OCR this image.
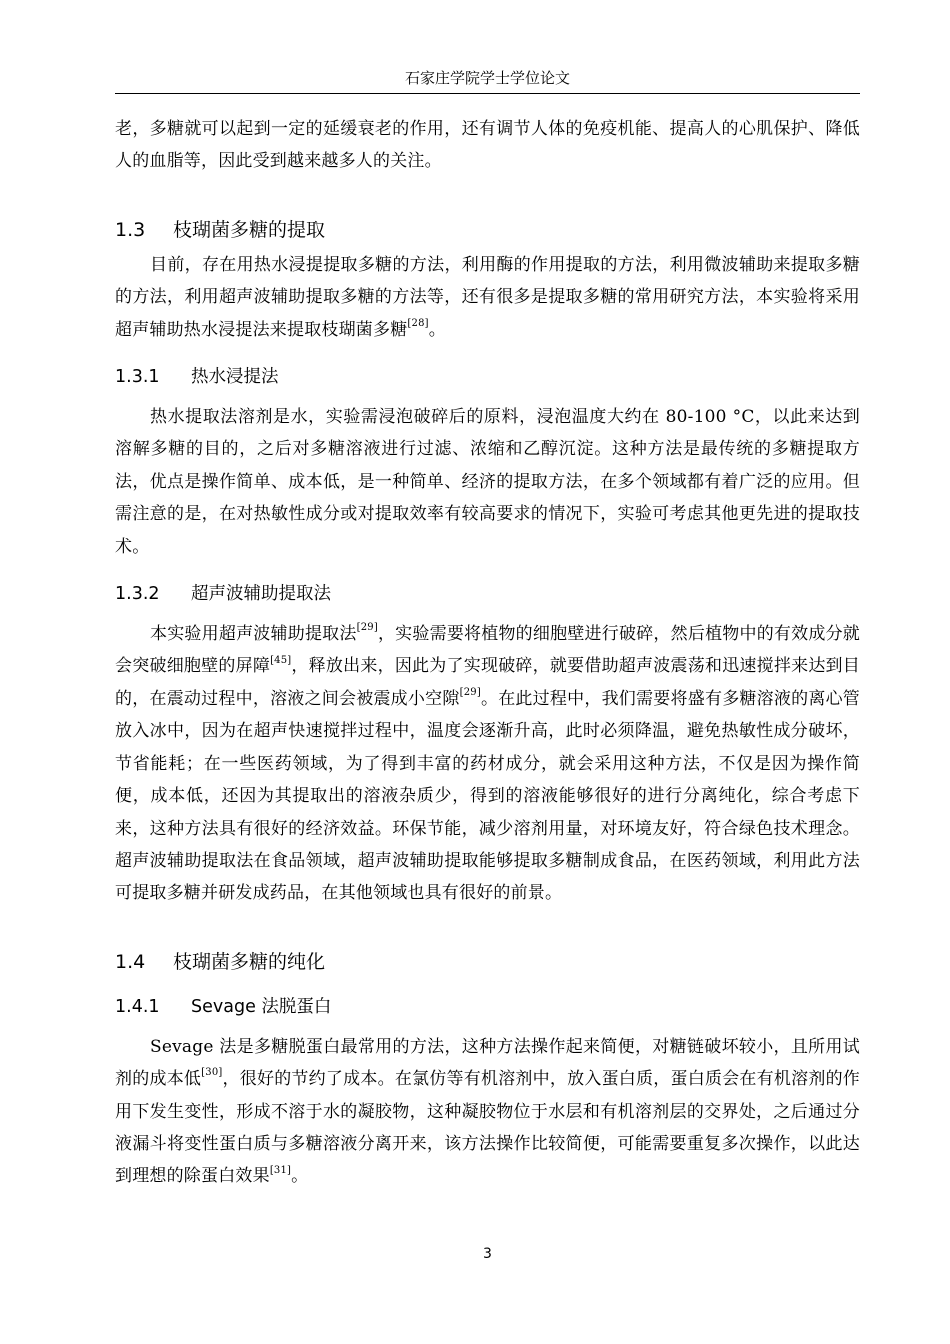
石家庄学院学士学位论文

老，多糖就可以起到一定的延缓衰老的作用，还有调节人体的免疫机能、提高人的心肌保护、降低人的血脂等，因此受到越来越多人的关注。

1.3 枝瑚菌多糖的提取

目前，存在用热水浸提提取多糖的方法，利用酶的作用提取的方法，利用微波辅助来提取多糖的方法，利用超声波辅助提取多糖的方法等，还有很多是提取多糖的常用研究方法，本实验将采用超声辅助热水浸提法来提取枝瑚菌多糖[28]。

1.3.1 热水浸提法

热水提取法溶剂是水，实验需浸泡破碎后的原料，浸泡温度大约在 80-100 °C，以此来达到溶解多糖的目的，之后对多糖溶液进行过滤、浓缩和乙醇沉淀。这种方法是最传统的多糖提取方法，优点是操作简单、成本低，是一种简单、经济的提取方法，在多个领域都有着广泛的应用。但需注意的是，在对热敏性成分或对提取效率有较高要求的情况下，实验可考虑其他更先进的提取技术。

1.3.2 超声波辅助提取法

本实验用超声波辅助提取法[29]，实验需要将植物的细胞壁进行破碎，然后植物中的有效成分就会突破细胞壁的屏障[45]，释放出来，因此为了实现破碎，就要借助超声波震荡和迅速搅拌来达到目的，在震动过程中，溶液之间会被震成小空隙[29]。在此过程中，我们需要将盛有多糖溶液的离心管放入冰中，因为在超声快速搅拌过程中，温度会逐渐升高，此时必须降温，避免热敏性成分破坏，节省能耗；在一些医药领域，为了得到丰富的药材成分，就会采用这种方法，不仅是因为操作简便，成本低，还因为其提取出的溶液杂质少，得到的溶液能够很好的进行分离纯化，综合考虑下来，这种方法具有很好的经济效益。环保节能，减少溶剂用量，对环境友好，符合绿色技术理念。超声波辅助提取法在食品领域，超声波辅助提取能够提取多糖制成食品，在医药领域，利用此方法可提取多糖并研发成药品，在其他领域也具有很好的前景。

1.4 枝瑚菌多糖的纯化
1.4.1 Sevage 法脱蛋白

Sevage 法是多糖脱蛋白最常用的方法，这种方法操作起来简便，对糖链破坏较小，且所用试剂的成本低[30]，很好的节约了成本。在氯仿等有机溶剂中，放入蛋白质，蛋白质会在有机溶剂的作用下发生变性，形成不溶于水的凝胶物，这种凝胶物位于水层和有机溶剂层的交界处，之后通过分液漏斗将变性蛋白质与多糖溶液分离开来，该方法操作比较简便，可能需要重复多次操作，以此达到理想的除蛋白效果[31]。

3
